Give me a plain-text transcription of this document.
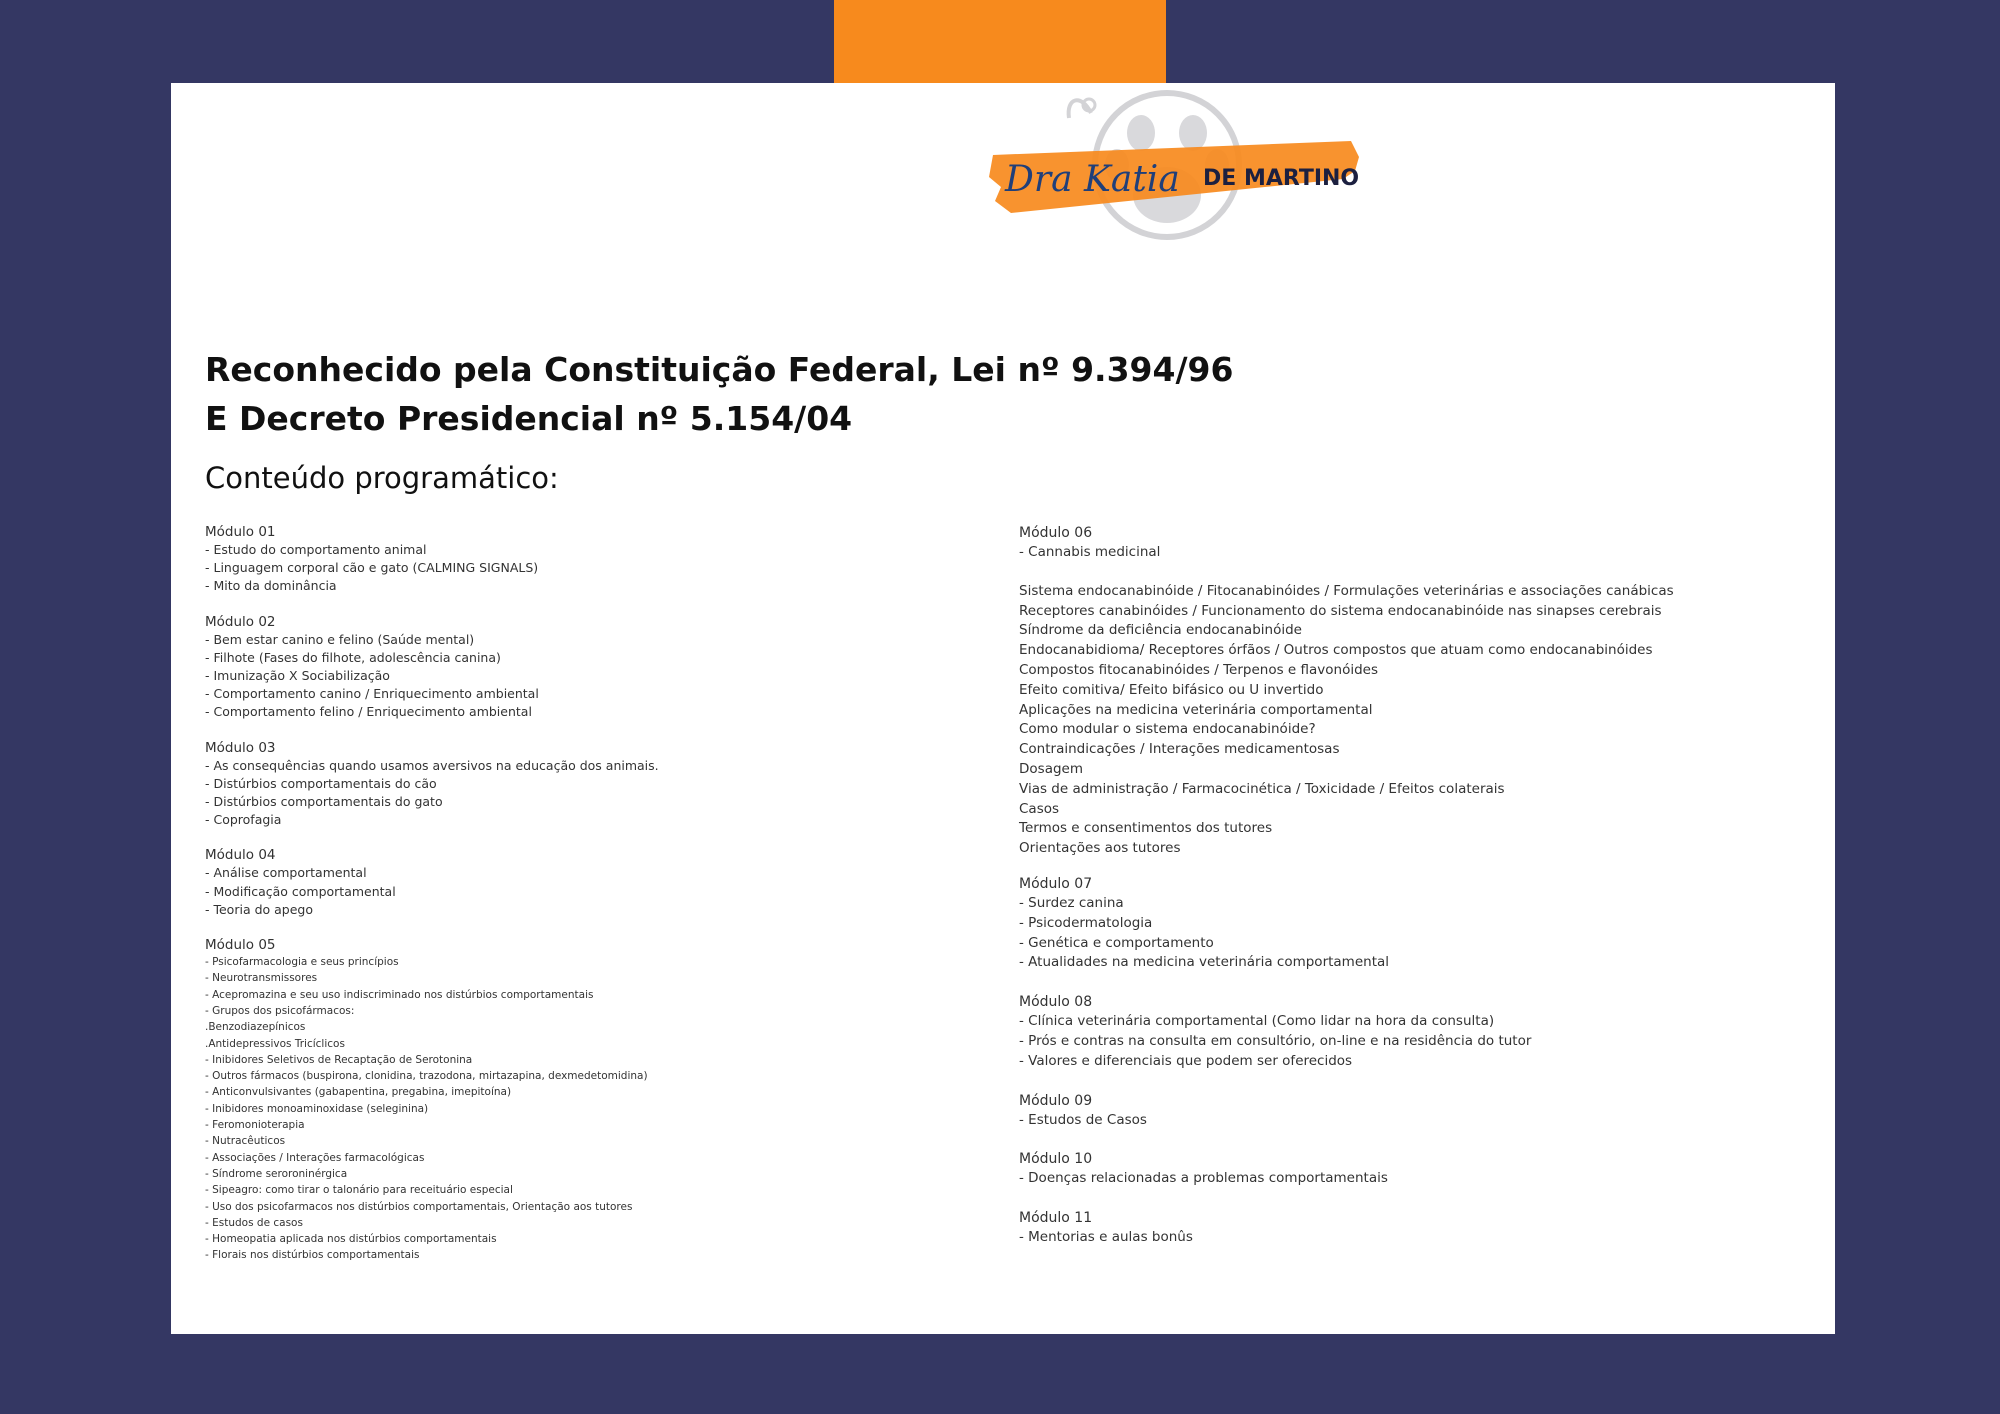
Dra Katia DE MARTINO
Reconhecido pela Constituição Federal, Lei nº 9.394/96
E Decreto Presidencial nº 5.154/04
Conteúdo programático:
Módulo 01
- Estudo do comportamento animal
- Linguagem corporal cão e gato (CALMING SIGNALS)
- Mito da dominância
Módulo 02
- Bem estar canino e felino (Saúde mental)
- Filhote (Fases do filhote, adolescência canina)
- Imunização X Sociabilização
- Comportamento canino / Enriquecimento ambiental
- Comportamento felino / Enriquecimento ambiental
Módulo 03
- As consequências quando usamos aversivos na educação dos animais.
- Distúrbios comportamentais do cão
- Distúrbios comportamentais do gato
- Coprofagia
Módulo 04
- Análise comportamental
- Modificação comportamental
- Teoria do apego
Módulo 05
- Psicofarmacologia e seus princípios
- Neurotransmissores
- Acepromazina e seu uso indiscriminado nos distúrbios comportamentais
- Grupos dos psicofármacos:
.Benzodiazepínicos
.Antidepressivos Tricíclicos
- Inibidores Seletivos de Recaptação de Serotonina
- Outros fármacos (buspirona, clonidina, trazodona, mirtazapina, dexmedetomidina)
- Anticonvulsivantes (gabapentina, pregabina, imepitoína)
- Inibidores monoaminoxidase (seleginina)
- Feromonioterapia
- Nutracêuticos
- Associações / Interações farmacológicas
- Síndrome seroroninérgica
- Sipeagro: como tirar o talonário para receituário especial
- Uso dos psicofarmacos nos distúrbios comportamentais, Orientação aos tutores
- Estudos de casos
- Homeopatia aplicada nos distúrbios comportamentais
- Florais nos distúrbios comportamentais
Módulo 06
- Cannabis medicinal
Sistema endocanabinóide / Fitocanabinóides / Formulações veterinárias e associações canábicas
Receptores canabinóides / Funcionamento do sistema endocanabinóide nas sinapses cerebrais
Síndrome da deficiência endocanabinóide
Endocanabidioma/ Receptores órfãos / Outros compostos que atuam como endocanabinóides
Compostos fitocanabinóides / Terpenos e flavonóides
Efeito comitiva/ Efeito bifásico ou U invertido
Aplicações na medicina veterinária comportamental
Como modular o sistema endocanabinóide?
Contraindicações / Interações medicamentosas
Dosagem
Vias de administração / Farmacocinética / Toxicidade / Efeitos colaterais
Casos
Termos e consentimentos dos tutores
Orientações aos tutores
Módulo 07
- Surdez canina
- Psicodermatologia
- Genética e comportamento
- Atualidades na medicina veterinária comportamental
Módulo 08
- Clínica veterinária comportamental (Como lidar na hora da consulta)
- Prós e contras na consulta em consultório, on-line e na residência do tutor
- Valores e diferenciais que podem ser oferecidos
Módulo 09
- Estudos de Casos
Módulo 10
- Doenças relacionadas a problemas comportamentais
Módulo 11
- Mentorias e aulas bonûs
